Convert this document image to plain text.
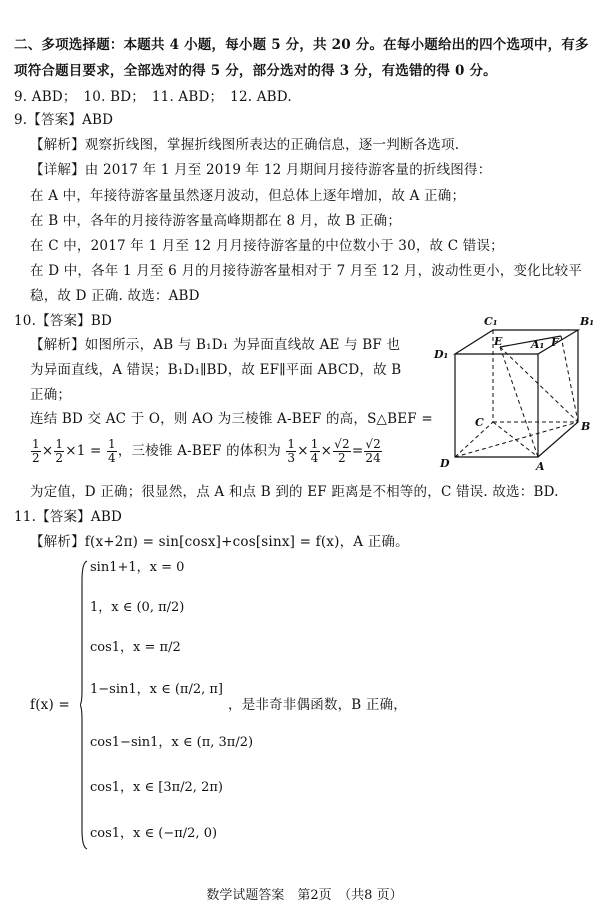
二、多项选择题：本题共 4 小题，每小题 5 分，共 20 分。在每小题给出的四个选项中，有多
项符合题目要求，全部选对的得 5 分，部分选对的得 3 分，有选错的得 0 分。
9. ABD；　10. BD；　11. ABD；　12. ABD.
9.【答案】ABD
【解析】观察折线图，掌握折线图所表达的正确信息，逐一判断各选项.
【详解】由 2017 年 1 月至 2019 年 12 月期间月接待游客量的折线图得：
在 A 中，年接待游客量虽然逐月波动，但总体上逐年增加，故 A 正确；
在 B 中，各年的月接待游客量高峰期都在 8 月，故 B 正确；
在 C 中，2017 年 1 月至 12 月月接待游客量的中位数小于 30，故 C 错误；
在 D 中，各年 1 月至 6 月的月接待游客量相对于 7 月至 12 月，波动性更小，变化比较平
稳，故 D 正确. 故选：ABD
10.【答案】BD
【解析】如图所示，AB 与 B₁D₁ 为异面直线故 AE 与 BF 也
为异面直线，A 错误；B₁D₁∥BD，故 EF∥平面 ABCD，故 B
正确；
连结 BD 交 AC 于 O，则 AO 为三棱锥 A-BEF 的高，S△BEF =
$\frac{1}{2} \times \frac{1}{2} \times 1 = \frac{1}{4}$ ，三棱锥 A-BEF 的体积为 $\frac{1}{3} \times \frac{1}{4} \times \frac{√2}{2} = \frac{√2}{24}$
为定值，D 正确；很显然，点 A 和点 B 到的 EF 距离是不相等的，C 错误. 故选：BD.
C₁	B₁
D₁
E	A₁ F
C	B
D	A
11.【答案】ABD
【解析】f(x+2π) = sin[cosx]+cos[sinx] = f(x)，A 正确。
f(x) =
sin1+1，x = 0
1，x ∈ (0, π/2)
cos1，x = π/2
1−sin1，x ∈ (π/2, π]
cos1−sin1，x ∈ (π, 3π/2)
cos1，x ∈ [3π/2, 2π)
cos1，x ∈ (−π/2, 0)
，是非奇非偶函数，B 正确，
数学试题答案　第2页　（共8 页）
